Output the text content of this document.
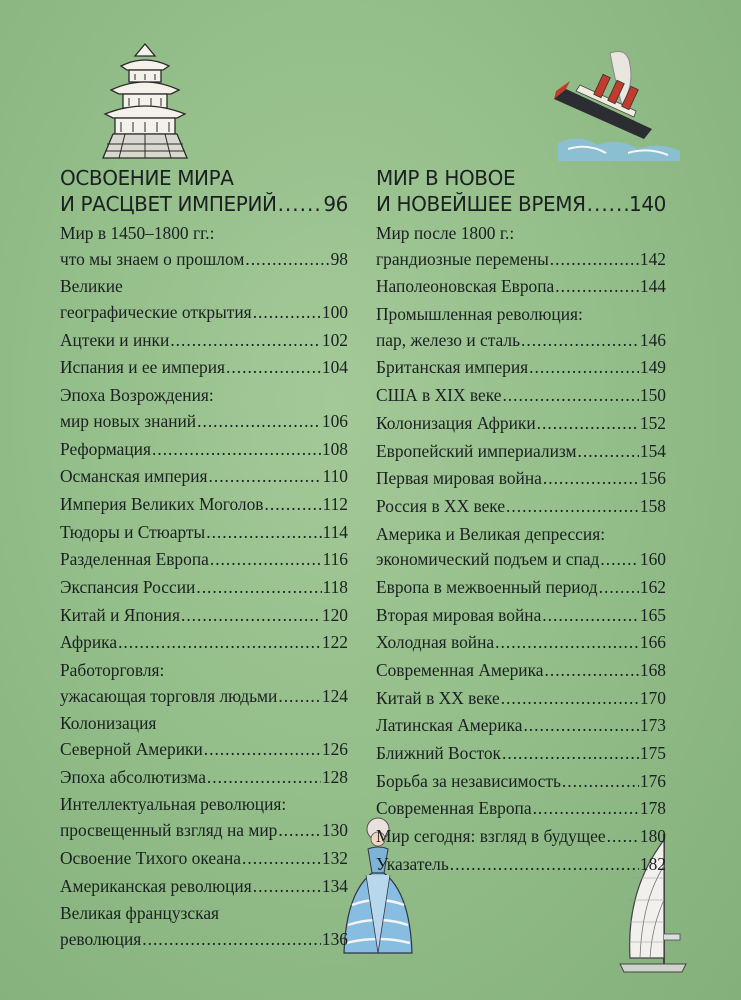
ОСВОЕНИЕ МИРА
И РАСЦВЕТ ИМПЕРИЙ ..... 96
Мир в 1450–1800 гг.:
что мы знаем о прошлом .....	98
Великие
географические открытия .....	100
Ацтеки и инки .....	102
Испания и ее империя .....	104
Эпоха Возрождения:
мир новых знаний .....	106
Реформация .....	108
Османская империя .....	110
Империя Великих Моголов .....	112
Тюдоры и Стюарты .....	114
Разделенная Европа .....	116
Экспансия России .....	118
Китай и Япония .....	120
Африка .....	122
Работорговля:
ужасающая торговля людьми .....	124
Колонизация
Северной Америки .....	126
Эпоха абсолютизма .....	128
Интеллектуальная революция:
просвещенный взгляд на мир .....	130
Освоение Тихого океана .....	132
Американская революция .....	134
Великая французская
революция .....	136
МИР В НОВОЕ
И НОВЕЙШЕЕ ВРЕМЯ ..... 140
Мир после 1800 г.:
грандиозные перемены .....	142
Наполеоновская Европа .....	144
Промышленная революция:
пар, железо и сталь .....	146
Британская империя .....	149
США в XIX веке .....	150
Колонизация Африки .....	152
Европейский империализм .....	154
Первая мировая война .....	156
Россия в XX веке .....	158
Америка и Великая депрессия:
экономический подъем и спад ..... 160
Европа в межвоенный период ..... 162
Вторая мировая война .....	165
Холодная война .....	166
Современная Америка .....	168
Китай в XX веке .....	170
Латинская Америка .....	173
Ближний Восток .....	175
Борьба за независимость .....	176
Современная Европа .....	178
Мир сегодня: взгляд в будущее ..... 180
Указатель .....	182
